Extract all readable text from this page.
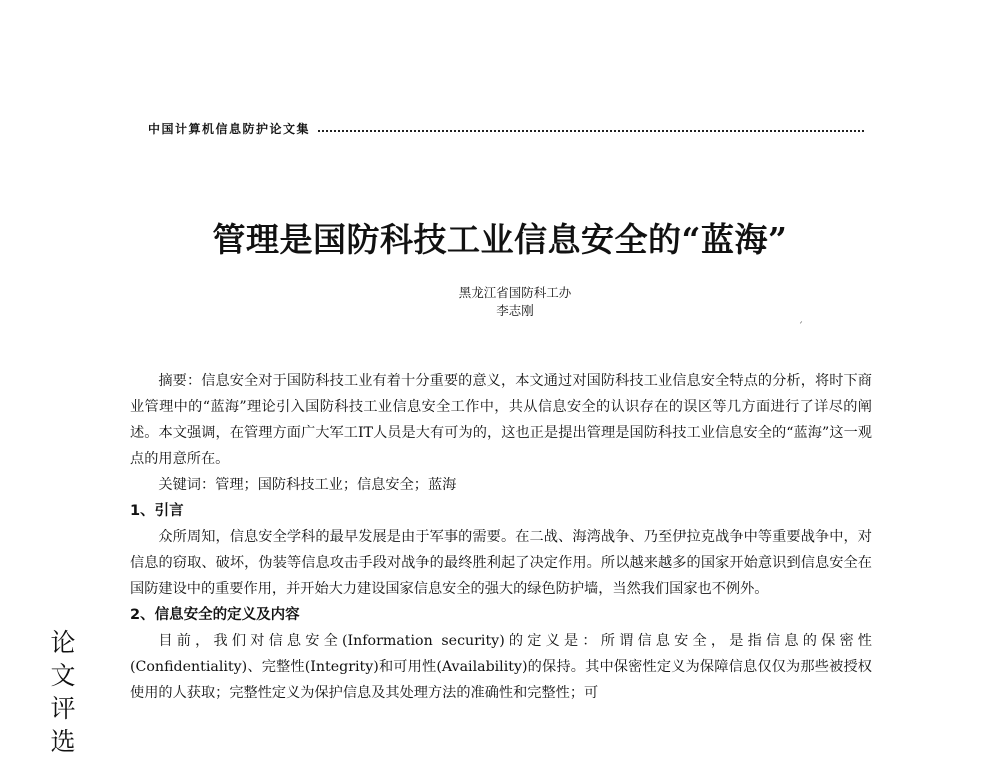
中国计算机信息防护论文集
ˊ
管理是国防科技工业信息安全的“蓝海”
黑龙江省国防科工办
李志刚

摘要：信息安全对于国防科技工业有着十分重要的意义，本文通过对国防科技工业信息安全特点的分析，将时下商业管理中的“蓝海”理论引入国防科技工业信息安全工作中，共从信息安全的认识存在的误区等几方面进行了详尽的阐述。本文强调，在管理方面广大军工IT人员是大有可为的，这也正是提出管理是国防科技工业信息安全的“蓝海”这一观点的用意所在。

关键词：管理；国防科技工业；信息安全；蓝海

1、引言

众所周知，信息安全学科的最早发展是由于军事的需要。在二战、海湾战争、乃至伊拉克战争中等重要战争中，对信息的窃取、破坏，伪装等信息攻击手段对战争的最终胜利起了决定作用。所以越来越多的国家开始意识到信息安全在国防建设中的重要作用，并开始大力建设国家信息安全的强大的绿色防护墙，当然我们国家也不例外。

2、信息安全的定义及内容

目前，我们对信息安全(Information security)的定义是：所谓信息安全，是指信息的保密性(Confidentiality)、完整性(Integrity)和可用性(Availability)的保持。其中保密性定义为保障信息仅仅为那些被授权使用的人获取；完整性定义为保护信息及其处理方法的准确性和完整性；可

论
文
评
选
